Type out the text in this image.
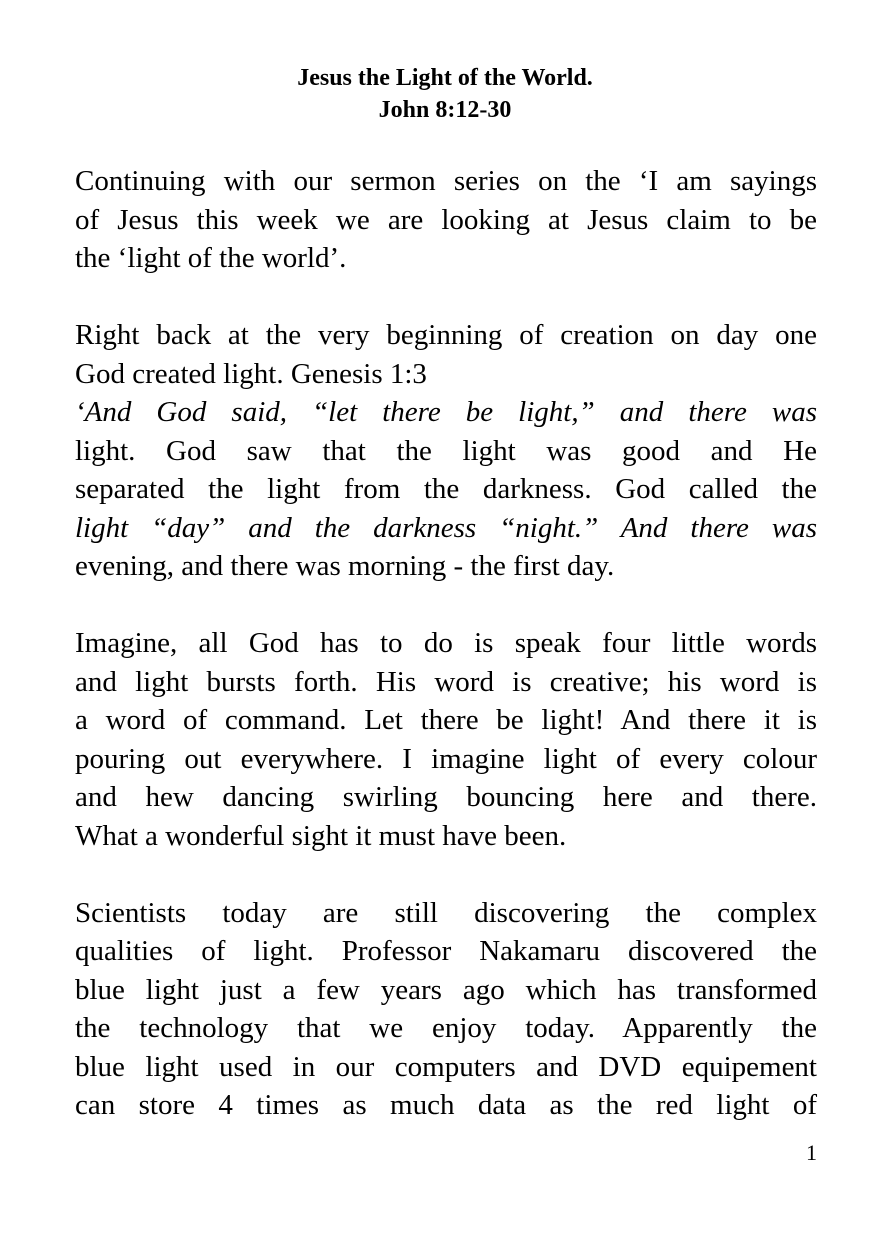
Jesus the Light of the World.
John 8:12-30
Continuing with our sermon series on the ‘I am sayings
of Jesus this week we are looking at Jesus claim to be
the ‘light of the world’.
Right back at the very beginning of creation on day one
God created light. Genesis 1:3
‘And God said, “let there be light,” and there was
light. God saw that the light was good and He
separated the light from the darkness. God called the
light “day” and the darkness “night.” And there was
evening, and there was morning - the first day.
Imagine, all God has to do is speak four little words
and light bursts forth. His word is creative; his word is
a word of command. Let there be light! And there it is
pouring out everywhere. I imagine light of every colour
and hew dancing swirling bouncing here and there.
What a wonderful sight it must have been.
Scientists today are still discovering the complex
qualities of light. Professor Nakamaru discovered the
blue light just a few years ago which has transformed
the technology that we enjoy today. Apparently the
blue light used in our computers and DVD equipement
can store 4 times as much data as the red light of
1
